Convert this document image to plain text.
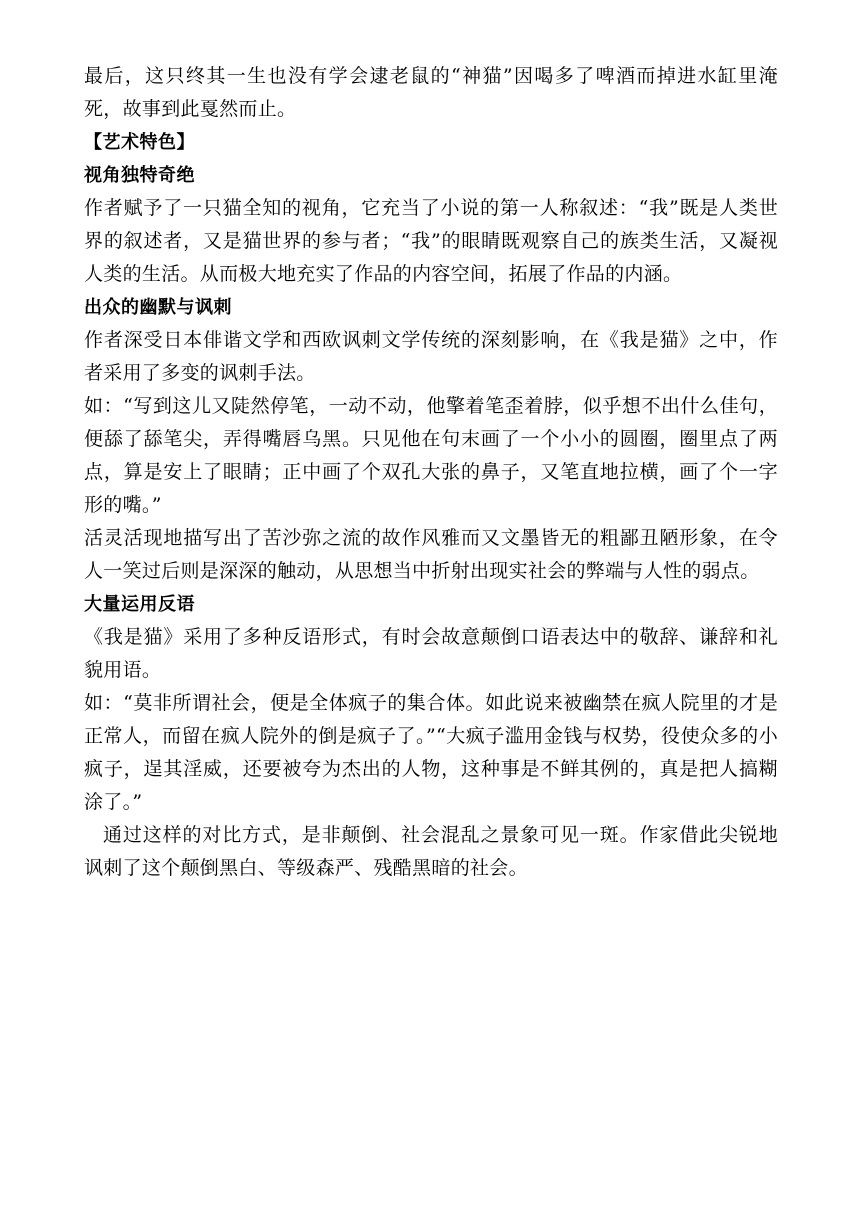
最后，这只终其一生也没有学会逮老鼠的“神猫”因喝多了啤酒而掉进水缸里淹死，故事到此戛然而止。

【艺术特色】

视角独特奇绝

作者赋予了一只猫全知的视角，它充当了小说的第一人称叙述：“我”既是人类世界的叙述者，又是猫世界的参与者；“我”的眼睛既观察自己的族类生活，又凝视人类的生活。从而极大地充实了作品的内容空间，拓展了作品的内涵。

出众的幽默与讽刺

作者深受日本俳谐文学和西欧讽刺文学传统的深刻影响，在《我是猫》之中，作者采用了多变的讽刺手法。

如：“写到这儿又陡然停笔，一动不动，他擎着笔歪着脖，似乎想不出什么佳句，便舔了舔笔尖，弄得嘴唇乌黑。只见他在句末画了一个小小的圆圈，圈里点了两点，算是安上了眼睛；正中画了个双孔大张的鼻子，又笔直地拉横，画了个一字形的嘴。”

活灵活现地描写出了苦沙弥之流的故作风雅而又文墨皆无的粗鄙丑陋形象，在令人一笑过后则是深深的触动，从思想当中折射出现实社会的弊端与人性的弱点。

大量运用反语

《我是猫》采用了多种反语形式，有时会故意颠倒口语表达中的敬辞、谦辞和礼貌用语。

如：“莫非所谓社会，便是全体疯子的集合体。如此说来被幽禁在疯人院里的才是正常人，而留在疯人院外的倒是疯子了。”“大疯子滥用金钱与权势，役使众多的小疯子，逞其淫威，还要被夸为杰出的人物，这种事是不鲜其例的，真是把人搞糊涂了。”

通过这样的对比方式，是非颠倒、社会混乱之景象可见一斑。作家借此尖锐地讽刺了这个颠倒黑白、等级森严、残酷黑暗的社会。
